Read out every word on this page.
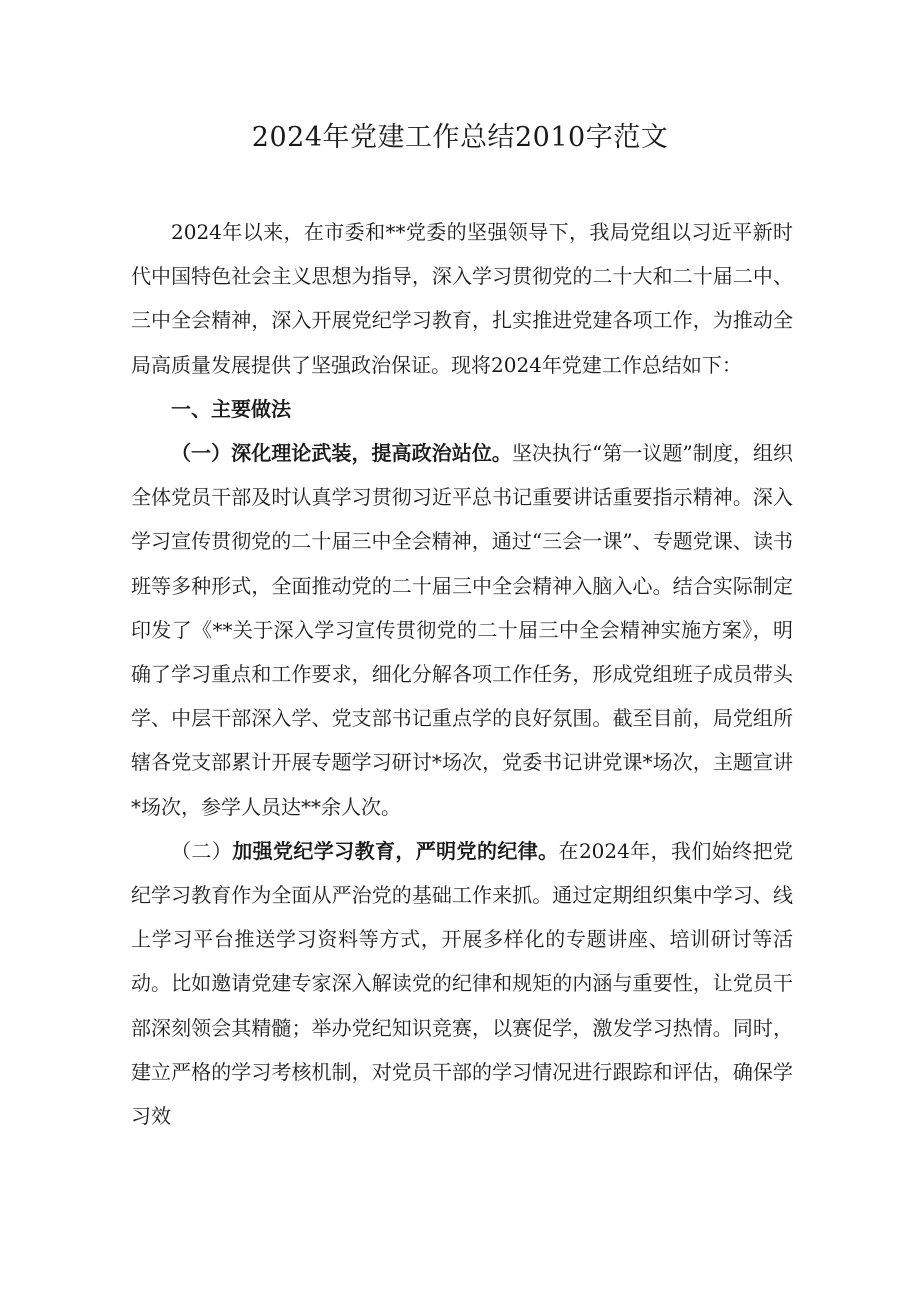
2024年党建工作总结2010字范文

2024年以来，在市委和**党委的坚强领导下，我局党组以习近平新时代中国特色社会主义思想为指导，深入学习贯彻党的二十大和二十届二中、三中全会精神，深入开展党纪学习教育，扎实推进党建各项工作，为推动全局高质量发展提供了坚强政治保证。现将2024年党建工作总结如下：

一、主要做法

（一）深化理论武装，提高政治站位。坚决执行“第一议题”制度，组织全体党员干部及时认真学习贯彻习近平总书记重要讲话重要指示精神。深入学习宣传贯彻党的二十届三中全会精神，通过“三会一课”、专题党课、读书班等多种形式，全面推动党的二十届三中全会精神入脑入心。结合实际制定印发了《**关于深入学习宣传贯彻党的二十届三中全会精神实施方案》，明确了学习重点和工作要求，细化分解各项工作任务，形成党组班子成员带头学、中层干部深入学、党支部书记重点学的良好氛围。截至目前，局党组所辖各党支部累计开展专题学习研讨*场次，党委书记讲党课*场次，主题宣讲*场次，参学人员达**余人次。

（二）加强党纪学习教育，严明党的纪律。在2024年，我们始终把党纪学习教育作为全面从严治党的基础工作来抓。通过定期组织集中学习、线上学习平台推送学习资料等方式，开展多样化的专题讲座、培训研讨等活动。比如邀请党建专家深入解读党的纪律和规矩的内涵与重要性，让党员干部深刻领会其精髓；举办党纪知识竞赛，以赛促学，激发学习热情。同时，建立严格的学习考核机制，对党员干部的学习情况进行跟踪和评估，确保学习效
